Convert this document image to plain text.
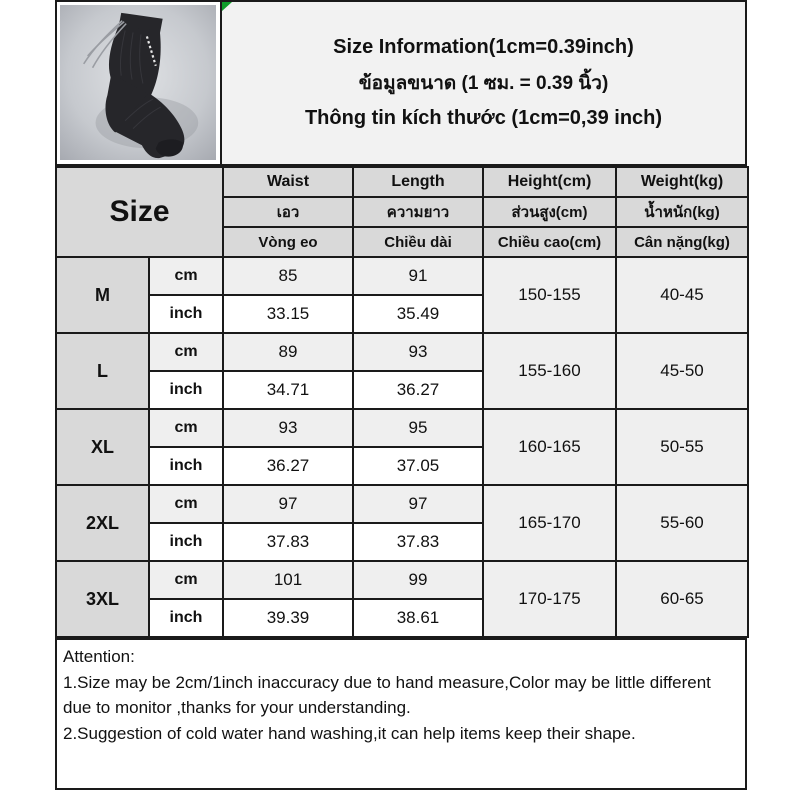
Size Information(1cm=0.39inch)
ข้อมูลขนาด (1 ซม. = 0.39 นิ้ว)
Thông tin kích thước (1cm=0,39 inch)
Size		Waist	Length	Height(cm)	Weight(kg)
		เอว	ความยาว	ส่วนสูง(cm)	น้ำหนัก(kg)
		Vòng eo	Chiều dài	Chiều cao(cm)	Cân nặng(kg)
M	cm	85	91	150-155	40-45
	inch	33.15	35.49		
L	cm	89	93	155-160	45-50
	inch	34.71	36.27		
XL	cm	93	95	160-165	50-55
	inch	36.27	37.05		
2XL	cm	97	97	165-170	55-60
	inch	37.83	37.83		
3XL	cm	101	99	170-175	60-65
	inch	39.39	38.61		
Attention:
1.Size may be 2cm/1inch inaccuracy due to hand measure,Color may be little different due to monitor ,thanks for your understanding.
2.Suggestion of cold water hand washing,it can help items keep their shape.
